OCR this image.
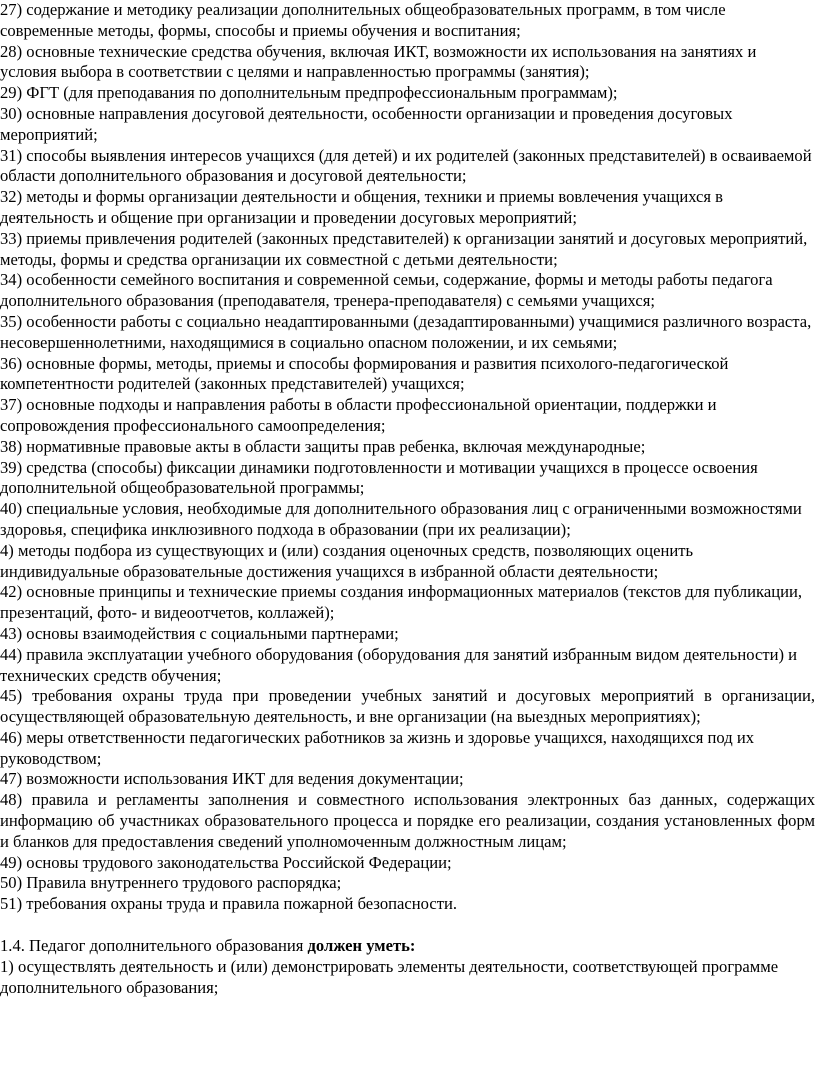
27) содержание и методику реализации дополнительных общеобразовательных программ, в том числе современные методы, формы, способы и приемы обучения и воспитания;
28) основные технические средства обучения, включая ИКТ, возможности их использования на занятиях и условия выбора в соответствии с целями и направленностью программы (занятия);
29) ФГТ (для преподавания по дополнительным предпрофессиональным программам);
30) основные направления досуговой деятельности, особенности организации и проведения досуговых мероприятий;
31) способы выявления интересов учащихся (для детей) и их родителей (законных представителей) в осваиваемой области дополнительного образования и досуговой деятельности;
32) методы и формы организации деятельности и общения, техники и приемы вовлечения учащихся в деятельность и общение при организации и проведении досуговых мероприятий;
33) приемы привлечения родителей (законных представителей) к организации занятий и досуговых мероприятий, методы, формы и средства организации их совместной с детьми деятельности;
34) особенности семейного воспитания и современной семьи, содержание, формы и методы работы педагога дополнительного образования (преподавателя, тренера-преподавателя) с семьями учащихся;
35) особенности работы с социально неадаптированными (дезадаптированными) учащимися различного возраста, несовершеннолетними, находящимися в социально опасном положении, и их семьями;
36) основные формы, методы, приемы и способы формирования и развития психолого-педагогической компетентности родителей (законных представителей) учащихся;
37) основные подходы и направления работы в области профессиональной ориентации, поддержки и сопровождения профессионального самоопределения;
38) нормативные правовые акты в области защиты прав ребенка, включая международные;
39) средства (способы) фиксации динамики подготовленности и мотивации учащихся в процессе освоения дополнительной общеобразовательной программы;
40) специальные условия, необходимые для дополнительного образования лиц с ограниченными возможностями здоровья, специфика инклюзивного подхода в образовании (при их реализации);
4) методы подбора из существующих и (или) создания оценочных средств, позволяющих оценить индивидуальные образовательные достижения учащихся в избранной области деятельности;
42) основные принципы и технические приемы создания информационных материалов (текстов для публикации, презентаций, фото- и видеоотчетов, коллажей);
43) основы взаимодействия с социальными партнерами;
44) правила эксплуатации учебного оборудования (оборудования для занятий избранным видом деятельности) и технических средств обучения;
45) требования охраны труда при проведении учебных занятий и досуговых мероприятий в организации, осуществляющей образовательную деятельность, и вне организации (на выездных мероприятиях);
46) меры ответственности педагогических работников за жизнь и здоровье учащихся, находящихся под их руководством;
47) возможности использования ИКТ для ведения документации;
48) правила и регламенты заполнения и совместного использования электронных баз данных, содержащих информацию об участниках образовательного процесса и порядке его реализации, создания установленных форм и бланков для предоставления сведений уполномоченным должностным лицам;
49) основы трудового законодательства Российской Федерации;
50) Правила внутреннего трудового распорядка;
51) требования охраны труда и правила пожарной безопасности.

1.4. Педагог дополнительного образования должен уметь:

1) осуществлять деятельность и (или) демонстрировать элементы деятельности, соответствующей программе дополнительного образования;
